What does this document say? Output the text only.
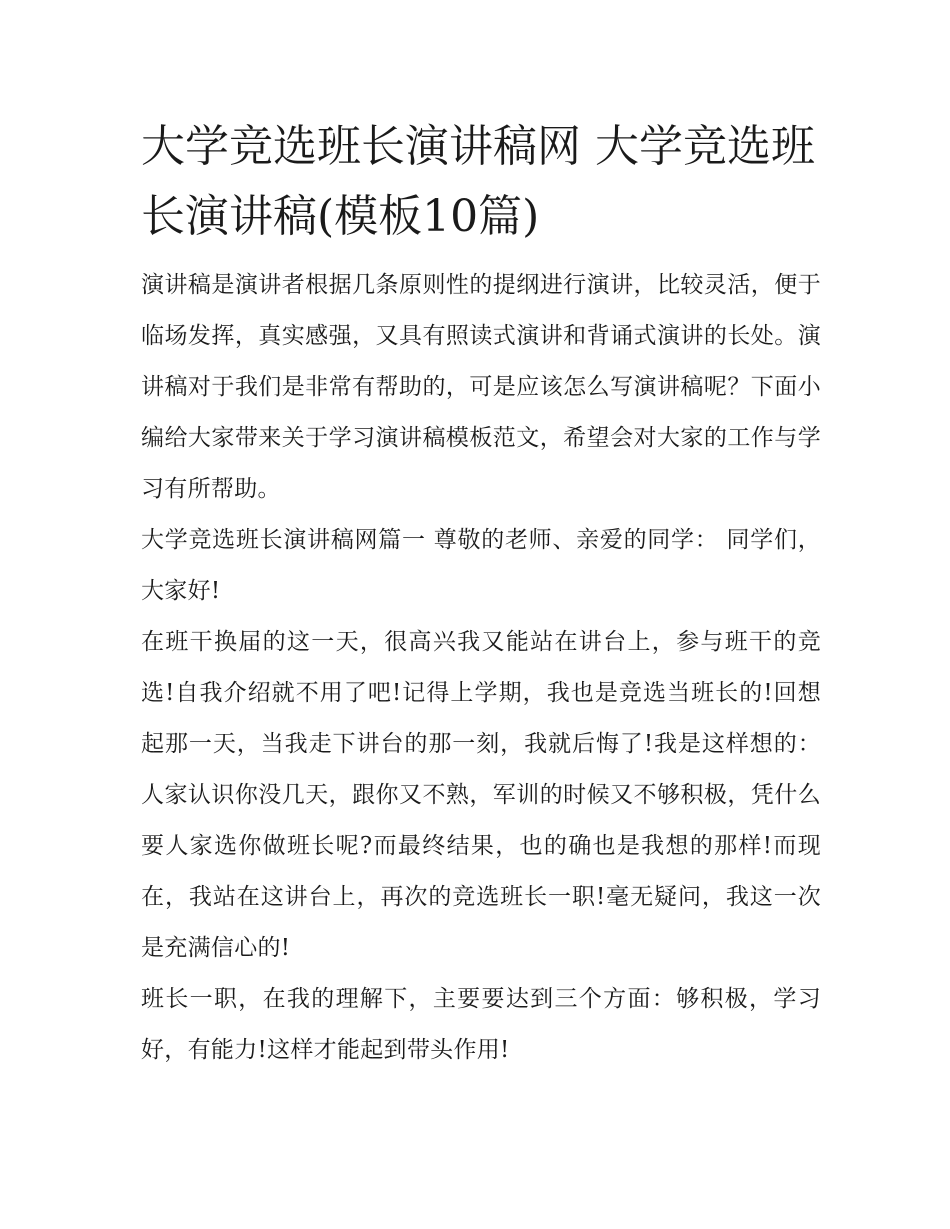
大学竞选班长演讲稿网 大学竞选班长演讲稿(模板10篇)

演讲稿是演讲者根据几条原则性的提纲进行演讲，比较灵活，便于临场发挥，真实感强，又具有照读式演讲和背诵式演讲的长处。演讲稿对于我们是非常有帮助的，可是应该怎么写演讲稿呢？下面小编给大家带来关于学习演讲稿模板范文，希望会对大家的工作与学习有所帮助。

大学竞选班长演讲稿网篇一 尊敬的老师、亲爱的同学： 同学们，大家好!

在班干换届的这一天，很高兴我又能站在讲台上，参与班干的竞选!自我介绍就不用了吧!记得上学期，我也是竞选当班长的!回想起那一天，当我走下讲台的那一刻，我就后悔了!我是这样想的：人家认识你没几天，跟你又不熟，军训的时候又不够积极，凭什么要人家选你做班长呢?而最终结果，也的确也是我想的那样!而现在，我站在这讲台上，再次的竞选班长一职!毫无疑问，我这一次是充满信心的!

班长一职，在我的理解下，主要要达到三个方面：够积极，学习好，有能力!这样才能起到带头作用!
